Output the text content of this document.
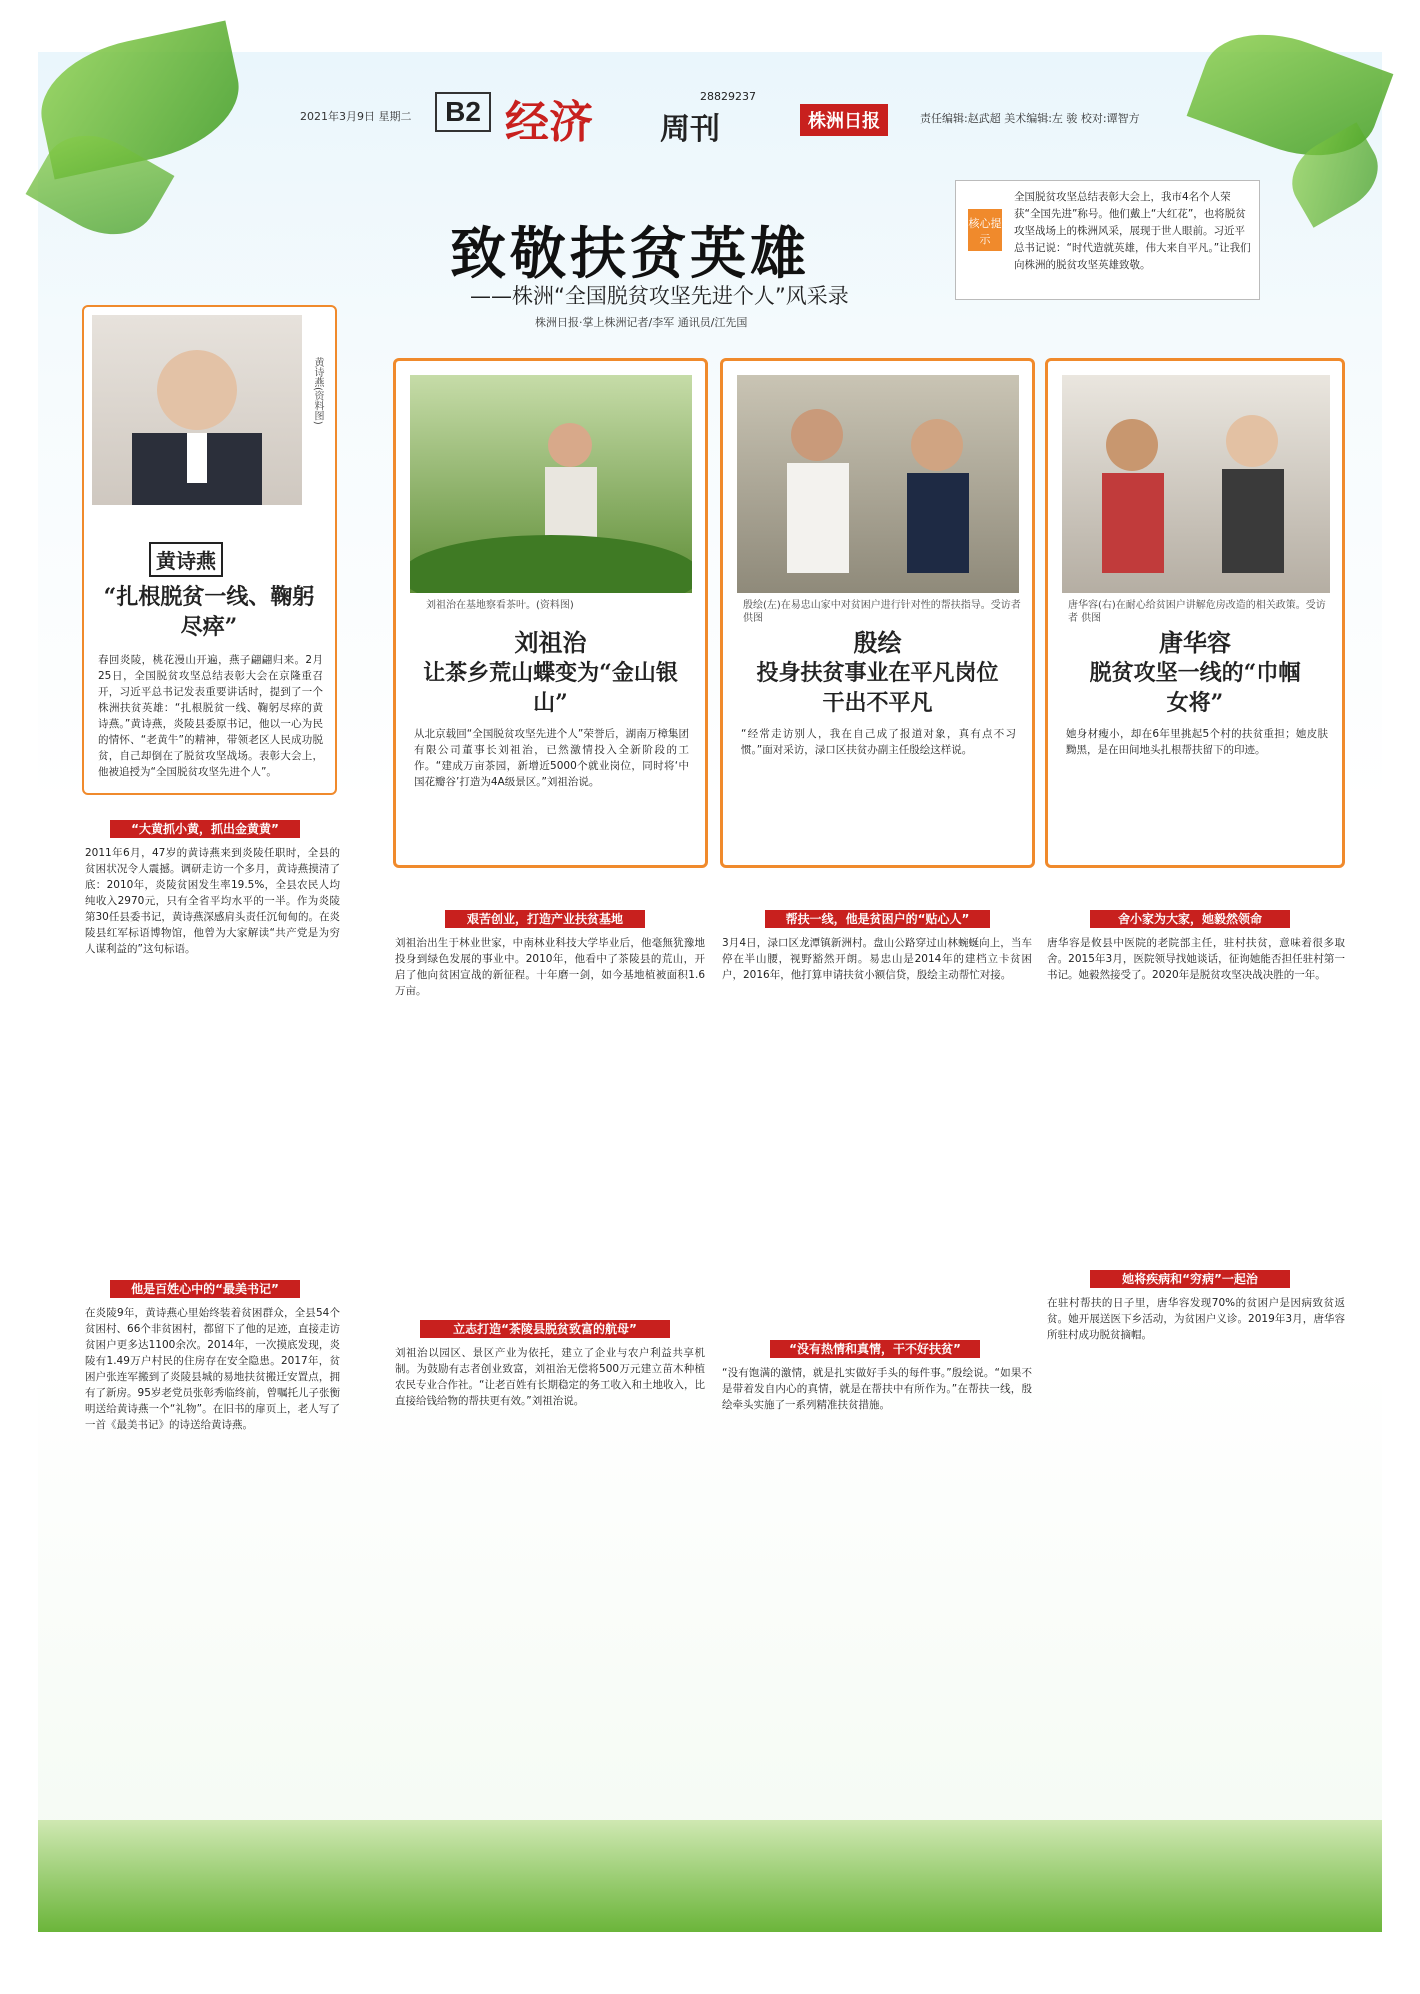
2021年3月9日 星期二	B2 经济 周刊
28829237
株洲日报	责任编辑:赵武超 美术编辑:左 骏 校对:谭智方
致敬扶贫英雄
——株洲“全国脱贫攻坚先进个人”风采录
株洲日报·掌上株洲记者/李军 通讯员/江先国
核心提示
全国脱贫攻坚总结表彰大会上，我市4名个人荣获“全国先进”称号。他们戴上“大红花”，也将脱贫攻坚战场上的株洲风采，展现于世人眼前。习近平总书记说：“时代造就英雄，伟大来自平凡。”让我们向株洲的脱贫攻坚英雄致敬。
黄诗燕(资料图)
黄诗燕
“扎根脱贫一线、鞠躬尽瘁”
春回炎陵，桃花漫山开遍，燕子翩翩归来。2月25日，全国脱贫攻坚总结表彰大会在京隆重召开，习近平总书记发表重要讲话时，提到了一个株洲扶贫英雄：“扎根脱贫一线、鞠躬尽瘁的黄诗燕。”黄诗燕，炎陵县委原书记，他以一心为民的情怀、“老黄牛”的精神，带领老区人民成功脱贫，自己却倒在了脱贫攻坚战场。表彰大会上，他被追授为“全国脱贫攻坚先进个人”。
“大黄抓小黄，抓出金黄黄”
2011年6月，47岁的黄诗燕来到炎陵任职时，全县的贫困状况令人震撼。调研走访一个多月，黄诗燕摸清了底：2010年，炎陵贫困发生率19.5%，全县农民人均纯收入2970元，只有全省平均水平的一半。作为炎陵第30任县委书记，黄诗燕深感肩头责任沉甸甸的。在炎陵县红军标语博物馆，他曾为大家解读“共产党是为穷人谋利益的”这句标语。
他是百姓心中的“最美书记”
在炎陵9年，黄诗燕心里始终装着贫困群众，全县54个贫困村、66个非贫困村，都留下了他的足迹，直接走访贫困户更多达1100余次。2014年，一次摸底发现，炎陵有1.49万户村民的住房存在安全隐患。2017年，贫困户张连军搬到了炎陵县城的易地扶贫搬迁安置点，拥有了新房。95岁老党员张彰秀临终前，曾嘱托儿子张衡明送给黄诗燕一个“礼物”。在旧书的扉页上，老人写了一首《最美书记》的诗送给黄诗燕。
刘祖治在基地察看茶叶。(资料图)
刘祖治
让茶乡荒山蝶变为“金山银山”
从北京载回“全国脱贫攻坚先进个人”荣誉后，湖南万樟集团有限公司董事长刘祖治，已然激情投入全新阶段的工作。“建成万亩茶园，新增近5000个就业岗位，同时将‘中国花瓣谷’打造为4A级景区。”刘祖治说。
艰苦创业，打造产业扶贫基地
刘祖治出生于林业世家，中南林业科技大学毕业后，他毫無犹豫地投身到绿色发展的事业中。2010年，他看中了茶陵县的荒山，开启了他向贫困宣战的新征程。十年磨一剑，如今基地植被面积1.6万亩。
立志打造“茶陵县脱贫致富的航母”
刘祖治以园区、景区产业为依托，建立了企业与农户利益共享机制。为鼓励有志者创业致富，刘祖治无偿将500万元建立苗木种植农民专业合作社。“让老百姓有长期稳定的务工收入和土地收入，比直接给钱给物的帮扶更有效。”刘祖治说。
殷绘(左)在易忠山家中对贫困户进行针对性的帮扶指导。受访者 供图
殷绘
投身扶贫事业在平凡岗位干出不平凡
“经常走访别人，我在自己成了报道对象，真有点不习惯。”面对采访，渌口区扶贫办副主任殷绘这样说。
帮扶一线，他是贫困户的“贴心人”
3月4日，渌口区龙潭镇新洲村。盘山公路穿过山林蜿蜒向上，当车停在半山腰，视野豁然开朗。易忠山是2014年的建档立卡贫困户，2016年，他打算申请扶贫小额信贷，殷绘主动帮忙对接。
“没有热情和真情，干不好扶贫”
“没有饱满的激情，就是扎实做好手头的每件事。”殷绘说。“如果不是带着发自内心的真情，就是在帮扶中有所作为。”在帮扶一线，殷绘牵头实施了一系列精准扶贫措施。
唐华容(右)在耐心给贫困户讲解危房改造的相关政策。受访者 供图
唐华容
脱贫攻坚一线的“巾帼女将”
她身材瘦小，却在6年里挑起5个村的扶贫重担；她皮肤黝黑，是在田间地头扎根帮扶留下的印迹。
舍小家为大家，她毅然领命
唐华容是攸县中医院的老院部主任，驻村扶贫，意味着很多取舍。2015年3月，医院领导找她谈话，征询她能否担任驻村第一书记。她毅然接受了。2020年是脱贫攻坚决战决胜的一年。
她将疾病和“穷病”一起治
在驻村帮扶的日子里，唐华容发现70%的贫困户是因病致贫返贫。她开展送医下乡活动，为贫困户义诊。2019年3月，唐华容所驻村成功脱贫摘帽。
